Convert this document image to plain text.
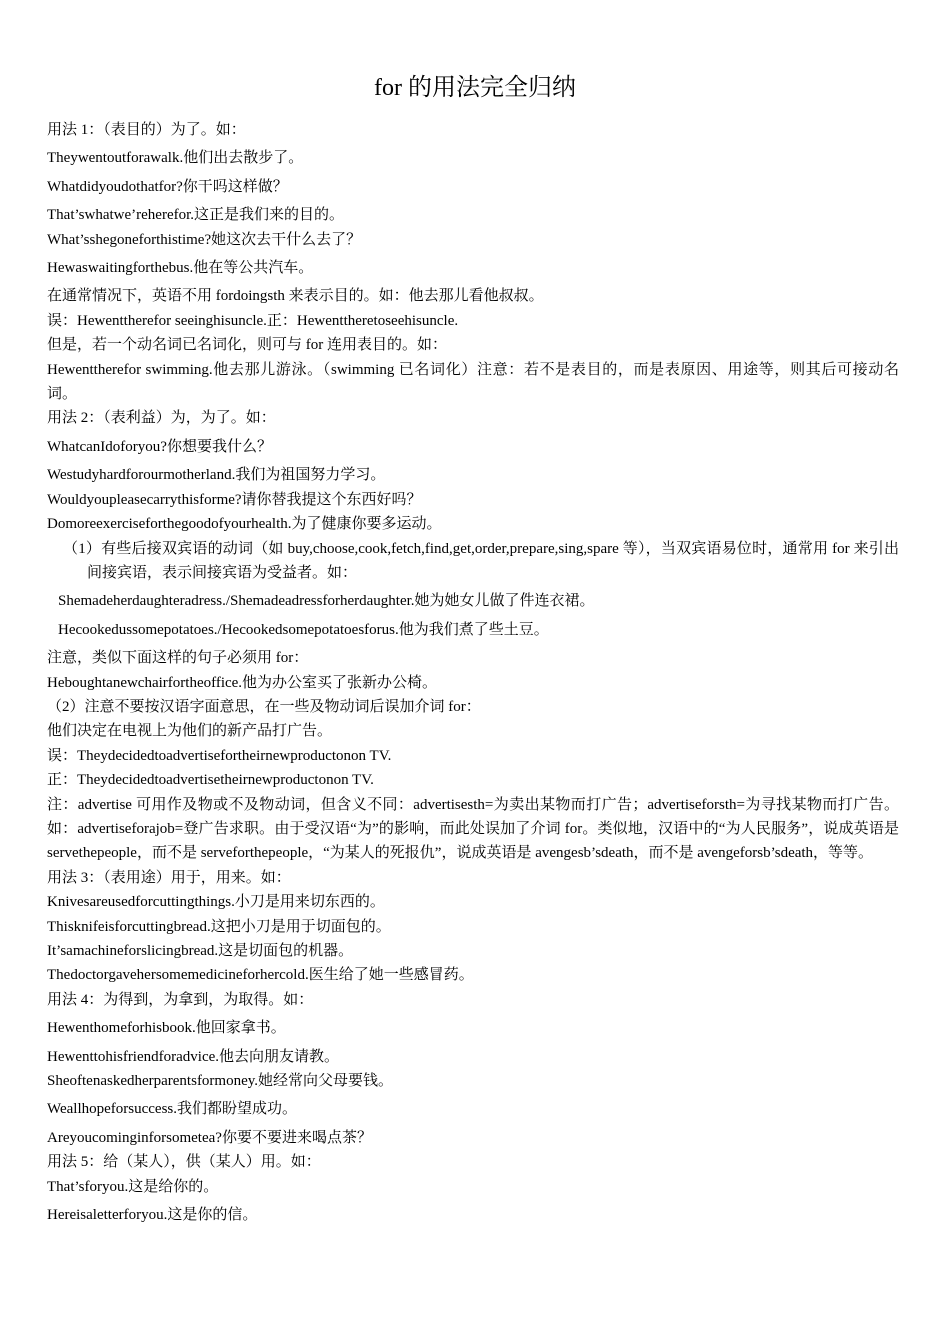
for 的用法完全归纳
用法 1：（表目的）为了。如：
Theywentoutforawalk.他们出去散步了。
Whatdidyoudothatfor?你干吗这样做？
That’swhatwe’reherefor.这正是我们来的目的。
What’sshegoneforthistime?她这次去干什么去了？
Hewaswaitingforthebus.他在等公共汽车。
在通常情况下，英语不用 fordoingsth 来表示目的。如：他去那儿看他叔叔。
误：Hewenttherefor seeinghisuncle.正：Hewenttheretoseehisuncle.
但是，若一个动名词已名词化，则可与 for 连用表目的。如：
Hewenttherefor swimming.他去那儿游泳。（swimming 已名词化）注意：若不是表目的，而是表原因、用途等，则其后可接动名词。
用法 2：（表利益）为，为了。如：
WhatcanIdoforyou?你想要我什么？
Westudyhardforourmotherland.我们为祖国努力学习。
Wouldyoupleasecarrythisforme?请你替我提这个东西好吗？
Domoreexerciseforthegoodofyourhealth.为了健康你要多运动。
（1）有些后接双宾语的动词（如 buy,choose,cook,fetch,find,get,order,prepare,sing,spare 等），当双宾语易位时，通常用 for 来引出间接宾语，表示间接宾语为受益者。如：
Shemadeherdaughteradress./Shemadeadressforherdaughter.她为她女儿做了件连衣裙。
Hecookedussomepotatoes./Hecookedsomepotatoesforus.他为我们煮了些土豆。
注意，类似下面这样的句子必须用 for：
Heboughtanewchairfortheoffice.他为办公室买了张新办公椅。
（2）注意不要按汉语字面意思，在一些及物动词后误加介词 for：
他们决定在电视上为他们的新产品打广告。
误：Theydecidedtoadvertisefortheirnewproductonon TV.
正：Theydecidedtoadvertisetheirnewproductonon TV.
注：advertise 可用作及物或不及物动词，但含义不同：advertisesth=为卖出某物而打广告；advertiseforsth=为寻找某物而打广告。如：advertiseforajob=登广告求职。由于受汉语“为”的影响，而此处误加了介词 for。类似地，汉语中的“为人民服务”，说成英语是 servethepeople，而不是 serveforthepeople，“为某人的死报仇”，说成英语是 avengesb’sdeath，而不是 avengeforsb’sdeath，等等。
用法 3：（表用途）用于，用来。如：
Knivesareusedforcuttingthings.小刀是用来切东西的。
Thisknifeisforcuttingbread.这把小刀是用于切面包的。
It’samachineforslicingbread.这是切面包的机器。
Thedoctorgavehersomemedicineforhercold.医生给了她一些感冒药。
用法 4：为得到，为拿到，为取得。如：
Hewenthomeforhisbook.他回家拿书。
Hewenttohisfriendforadvice.他去向朋友请教。
Sheoftenaskedherparentsformoney.她经常向父母要钱。
Weallhopeforsuccess.我们都盼望成功。
Areyoucominginforsometea?你要不要进来喝点茶？
用法 5：给（某人），供（某人）用。如：
That’sforyou.这是给你的。
Hereisaletterforyou.这是你的信。
